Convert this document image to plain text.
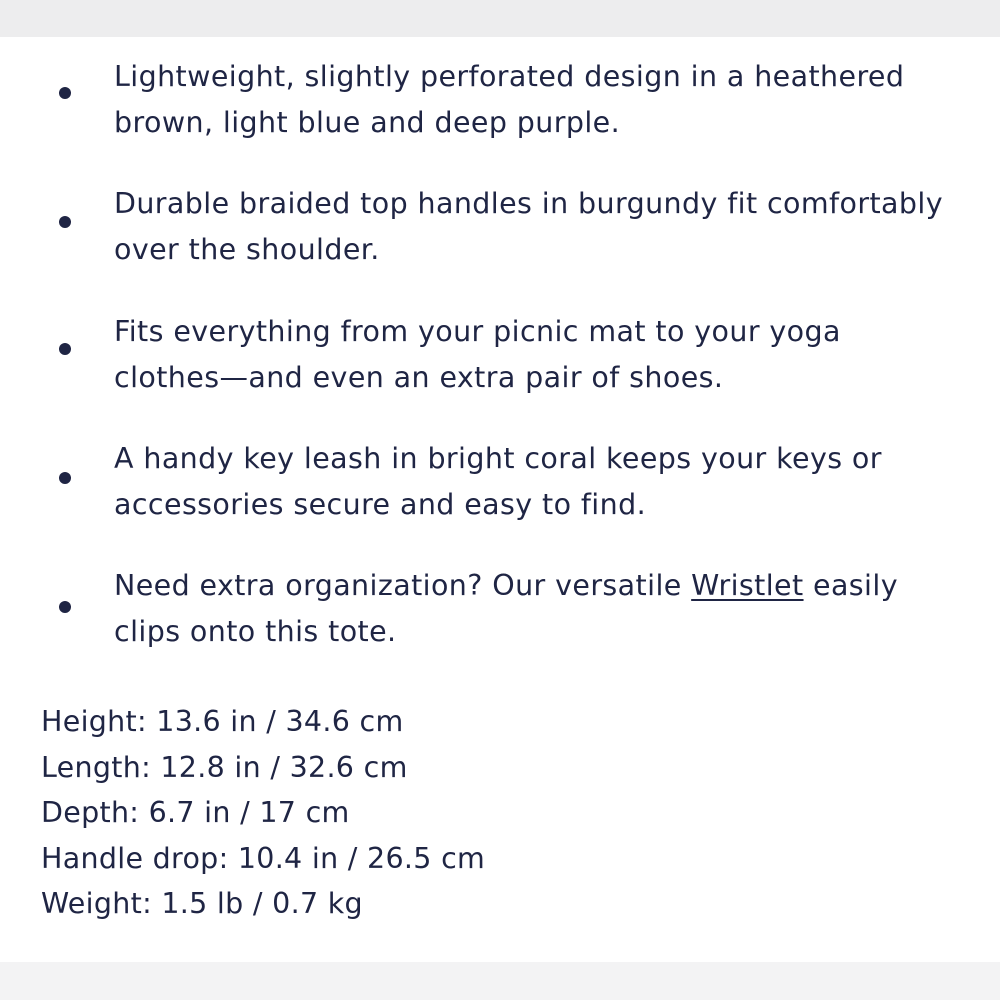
Lightweight, slightly perforated design in a heathered brown, light blue and deep purple.

Durable braided top handles in burgundy fit comfortably over the shoulder.

Fits everything from your picnic mat to your yoga clothes—and even an extra pair of shoes.

A handy key leash in bright coral keeps your keys or accessories secure and easy to find.

Need extra organization? Our versatile Wristlet easily clips onto this tote.

Height: 13.6 in / 34.6 cm
Length: 12.8 in / 32.6 cm
Depth: 6.7 in / 17 cm
Handle drop: 10.4 in / 26.5 cm
Weight: 1.5 lb / 0.7 kg
